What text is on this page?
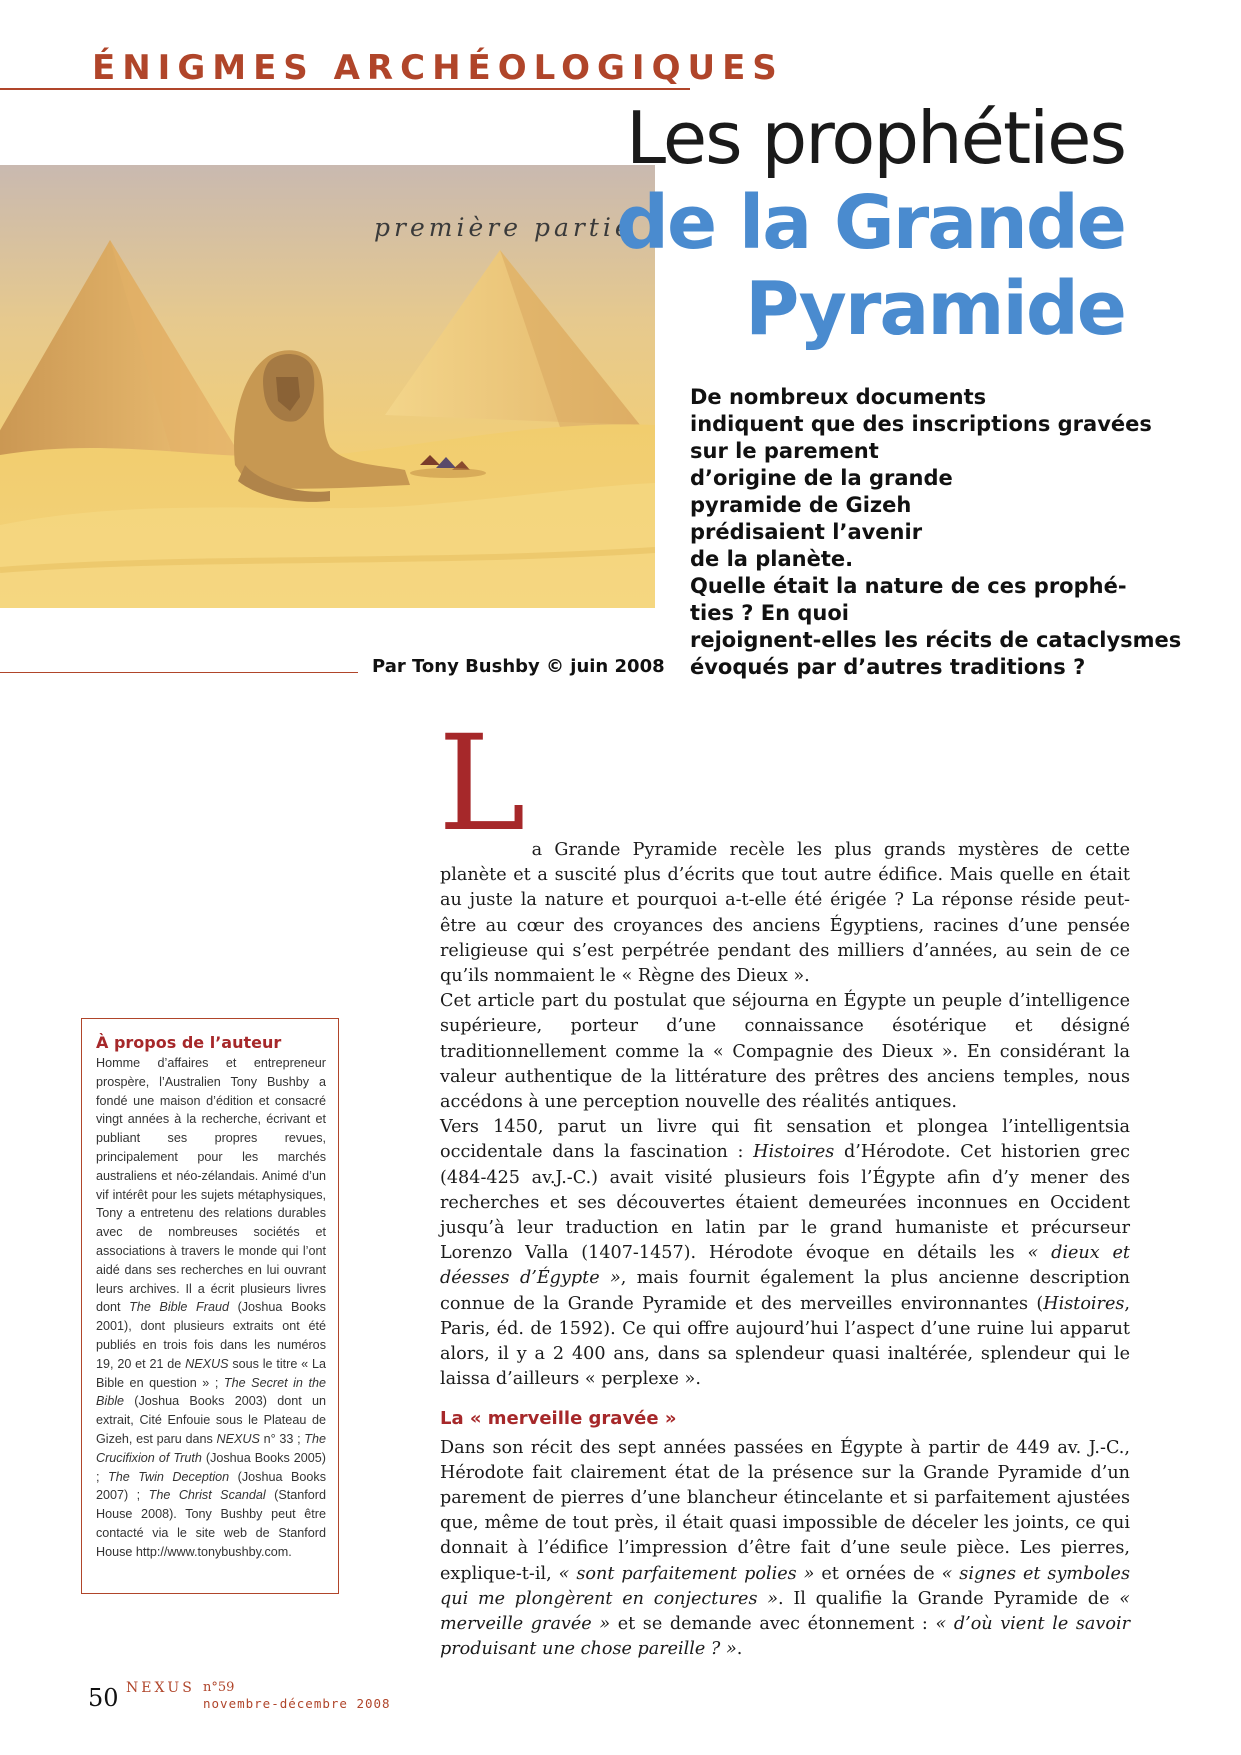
ÉNIGMES ARCHÉOLOGIQUES
première partie
Les prophéties
de la Grande
Pyramide
De nombreux documents
indiquent que des inscriptions gravées
sur le parement
d’origine de la grande
pyramide de Gizeh
prédisaient l’avenir
de la planète.
Quelle était la nature de ces prophé-
ties ? En quoi
rejoignent-elles les récits de cataclysmes
évoqués par d’autres traditions ?
Par Tony Bushby © juin 2008
L a Grande Pyramide recèle les plus grands mystères de cette planète et a suscité plus d’écrits que tout autre édifice. Mais quelle en était au juste la nature et pourquoi a-t-elle été érigée ? La réponse réside peut-être au cœur des croyances des anciens Égyptiens, racines d’une pensée religieuse qui s’est perpétrée pendant des milliers d’années, au sein de ce qu’ils nommaient le « Règne des Dieux ».

Cet article part du postulat que séjourna en Égypte un peuple d’intelligence supérieure, porteur d’une connaissance ésotérique et désigné traditionnellement comme la « Compagnie des Dieux ». En considérant la valeur authentique de la littérature des prêtres des anciens temples, nous accédons à une perception nouvelle des réalités antiques.

Vers 1450, parut un livre qui fit sensation et plongea l’intelligentsia occidentale dans la fascination : Histoires d’Hérodote. Cet historien grec (484-425 av.J.-C.) avait visité plusieurs fois l’Égypte afin d’y mener des recherches et ses découvertes étaient demeurées inconnues en Occident jusqu’à leur traduction en latin par le grand humaniste et précurseur Lorenzo Valla (1407-1457). Hérodote évoque en détails les « dieux et déesses d’Égypte », mais fournit également la plus ancienne description connue de la Grande Pyramide et des merveilles environnantes (Histoires, Paris, éd. de 1592). Ce qui offre aujourd’hui l’aspect d’une ruine lui apparut alors, il y a 2 400 ans, dans sa splendeur quasi inaltérée, splendeur qui le laissa d’ailleurs « perplexe ».

La « merveille gravée »

Dans son récit des sept années passées en Égypte à partir de 449 av. J.-C., Hérodote fait clairement état de la présence sur la Grande Pyramide d’un parement de pierres d’une blancheur étincelante et si parfaitement ajustées que, même de tout près, il était quasi impossible de déceler les joints, ce qui donnait à l’édifice l’impression d’être fait d’une seule pièce. Les pierres, explique-t-il, « sont parfaitement polies » et ornées de « signes et symboles qui me plongèrent en conjectures ». Il qualifie la Grande Pyramide de « merveille gravée » et se demande avec étonnement : « d’où vient le savoir produisant une chose pareille ? ».

À propos de l’auteur
Homme d’affaires et entrepreneur prospère, l’Australien Tony Bushby a fondé une maison d’édition et consacré vingt années à la recherche, écrivant et publiant ses propres revues, principalement pour les marchés australiens et néo-zélandais. Animé d’un vif intérêt pour les sujets métaphysiques, Tony a entretenu des relations durables avec de nombreuses sociétés et associations à travers le monde qui l’ont aidé dans ses recherches en lui ouvrant leurs archives. Il a écrit plusieurs livres dont The Bible Fraud (Joshua Books 2001), dont plusieurs extraits ont été publiés en trois fois dans les numéros 19, 20 et 21 de NEXUS sous le titre « La Bible en question » ; The Secret in the Bible (Joshua Books 2003) dont un extrait, Cité Enfouie sous le Plateau de Gizeh, est paru dans NEXUS n° 33 ; The Crucifixion of Truth (Joshua Books 2005) ; The Twin Deception (Joshua Books 2007) ; The Christ Scandal (Stanford House 2008). Tony Bushby peut être contacté via le site web de Stanford House http://www.tonybushby.com.
50 NEXUS n°59
novembre-décembre 2008
